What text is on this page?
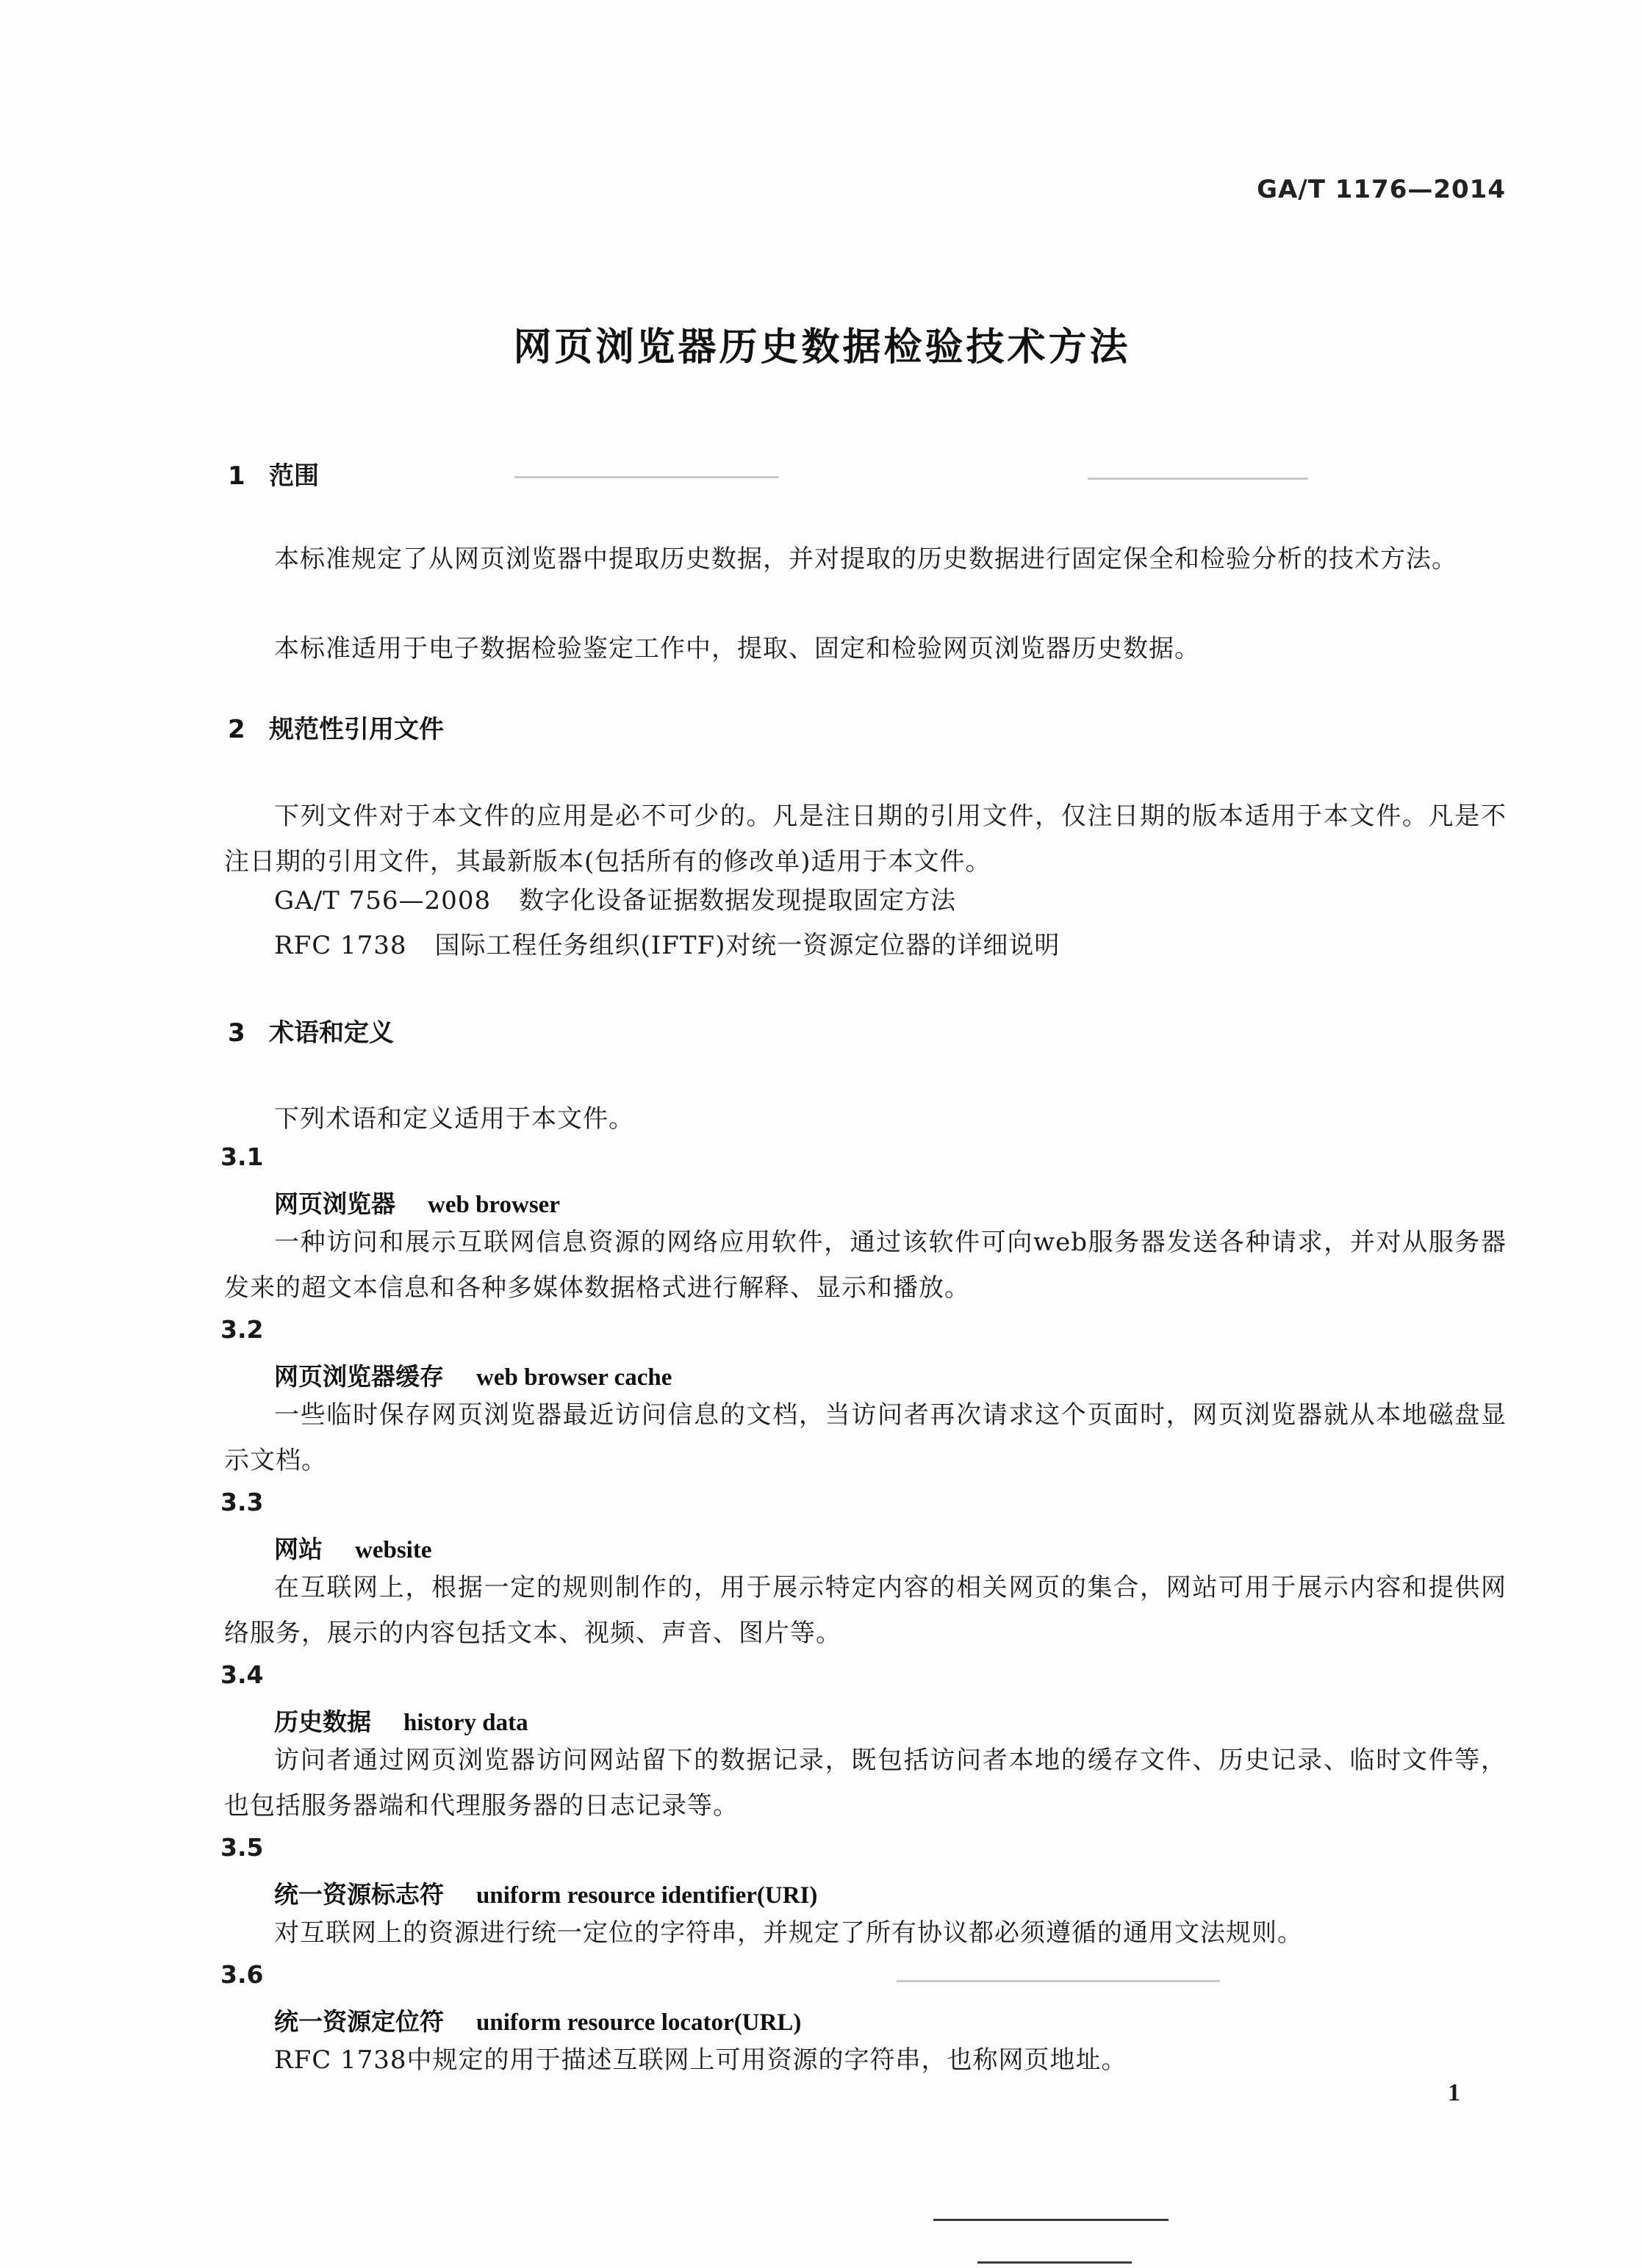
GA/T 1176—2014
网页浏览器历史数据检验技术方法
1 范围
本标准规定了从网页浏览器中提取历史数据，并对提取的历史数据进行固定保全和检验分析的技术方法。
本标准适用于电子数据检验鉴定工作中，提取、固定和检验网页浏览器历史数据。
2 规范性引用文件
下列文件对于本文件的应用是必不可少的。凡是注日期的引用文件，仅注日期的版本适用于本文件。凡是不注日期的引用文件，其最新版本(包括所有的修改单)适用于本文件。
GA/T 756—2008 数字化设备证据数据发现提取固定方法
RFC 1738 国际工程任务组织(IFTF)对统一资源定位器的详细说明
3 术语和定义
下列术语和定义适用于本文件。
3.1
网页浏览器 web browser
一种访问和展示互联网信息资源的网络应用软件，通过该软件可向web服务器发送各种请求，并对从服务器发来的超文本信息和各种多媒体数据格式进行解释、显示和播放。
3.2
网页浏览器缓存 web browser cache
一些临时保存网页浏览器最近访问信息的文档，当访问者再次请求这个页面时，网页浏览器就从本地磁盘显示文档。
3.3
网站 website
在互联网上，根据一定的规则制作的，用于展示特定内容的相关网页的集合，网站可用于展示内容和提供网络服务，展示的内容包括文本、视频、声音、图片等。
3.4
历史数据 history data
访问者通过网页浏览器访问网站留下的数据记录，既包括访问者本地的缓存文件、历史记录、临时文件等，也包括服务器端和代理服务器的日志记录等。
3.5
统一资源标志符 uniform resource identifier(URI)
对互联网上的资源进行统一定位的字符串，并规定了所有协议都必须遵循的通用文法规则。
3.6
统一资源定位符 uniform resource locator(URL)
RFC 1738中规定的用于描述互联网上可用资源的字符串，也称网页地址。
1
